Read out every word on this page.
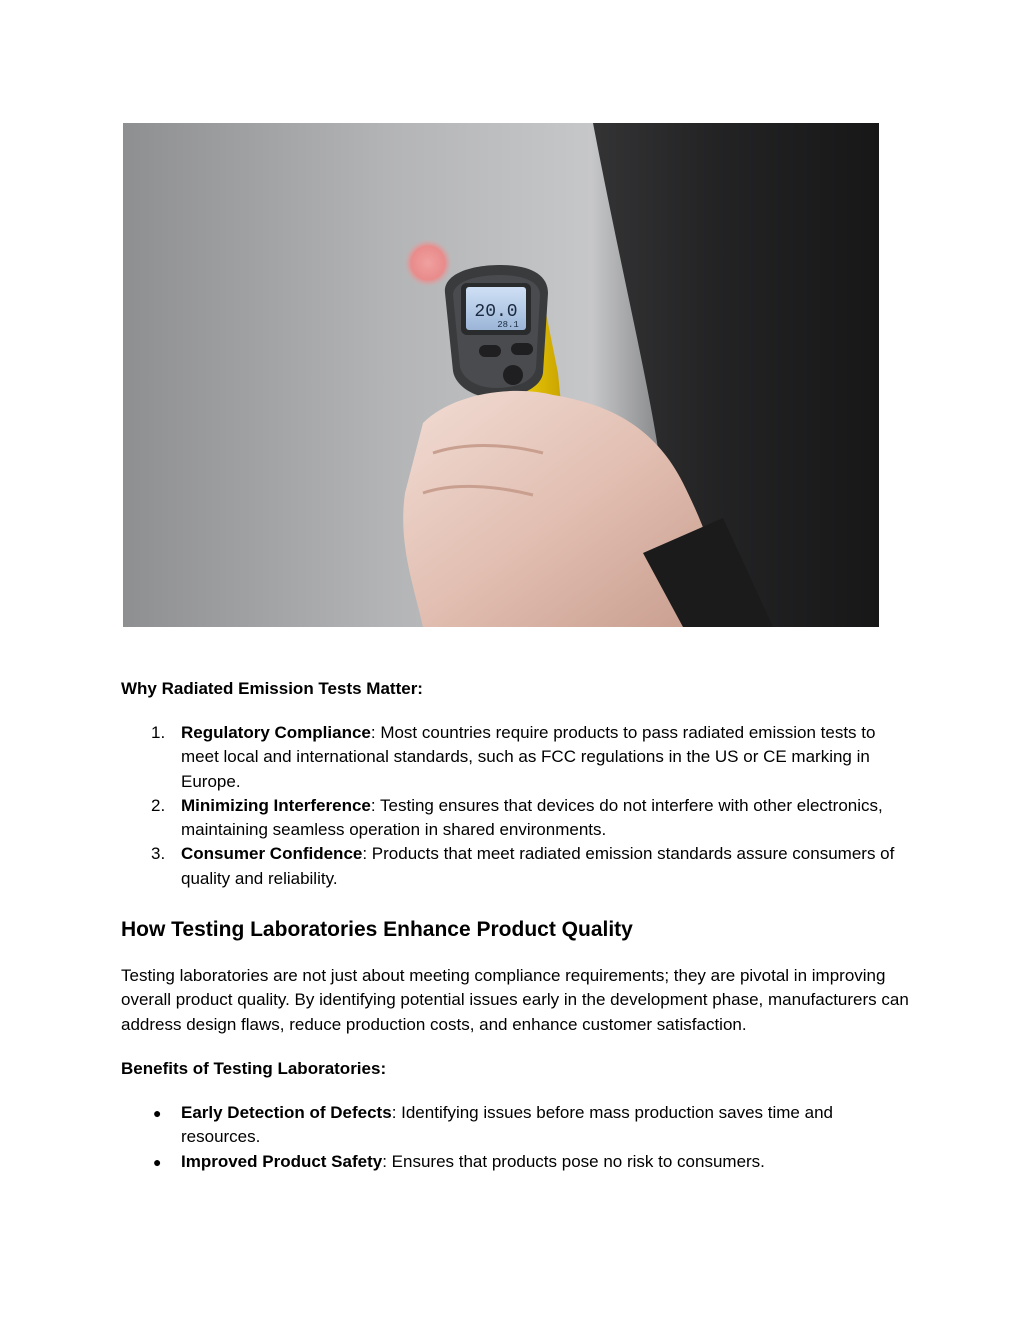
20.0
28.1

Why Radiated Emission Tests Matter:

1. Regulatory Compliance: Most countries require products to pass radiated emission tests to meet local and international standards, such as FCC regulations in the US or CE marking in Europe.
2. Minimizing Interference: Testing ensures that devices do not interfere with other electronics, maintaining seamless operation in shared environments.
3. Consumer Confidence: Products that meet radiated emission standards assure consumers of quality and reliability.
How Testing Laboratories Enhance Product Quality

Testing laboratories are not just about meeting compliance requirements; they are pivotal in improving overall product quality. By identifying potential issues early in the development phase, manufacturers can address design flaws, reduce production costs, and enhance customer satisfaction.

Benefits of Testing Laboratories:

● Early Detection of Defects: Identifying issues before mass production saves time and resources.
● Improved Product Safety: Ensures that products pose no risk to consumers.
